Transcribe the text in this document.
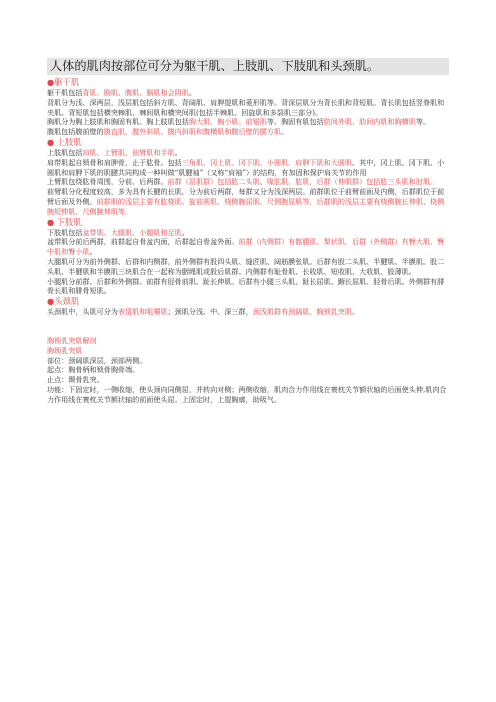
人体的肌肉按部位可分为躯干肌、上肢肌、下肢肌和头颈肌。

●躯干肌

躯干肌包括背肌、胸肌、腹肌、膈肌和会阴肌。

背肌分为浅、深两层，浅层肌包括斜方肌、背阔肌、肩胛提肌和菱形肌等。背深层肌分为背长肌和背短肌。背长肌包括竖脊肌和夹肌。背短肌包括横突棘肌、棘间肌和横突间肌(包括半棘肌、回旋肌和多裂肌三部分)。

胸肌分为胸上肢肌和胸固有肌。胸上肢肌包括胸大肌、胸小肌、前锯肌等。胸固有肌包括肋间外肌、肋间内肌和胸横肌等。

腹肌包括腹前壁的腹直肌、腹外斜肌、腹内斜肌和腹横肌和腹后壁的腰方肌。

● 上肢肌

上肢肌包括肩肌、上臂肌、前臂肌和手肌。

肩带肌起自锁骨和肩胛骨，止于肱骨。包括三角肌、冈上肌、冈下肌、小圆肌、肩胛下肌和大圆肌。其中，冈上肌、冈下肌、小圆肌和肩胛下肌的肌腱共同构成一种叫做“肌腱袖”（又称“肩袖”）的结构，有加固和保护肩关节的作用

上臂肌包绕肱骨周围，分前、后两群。前群（屈肌群）包括肱二头肌、喙肱肌、肱肌，后群（伸肌群）包括肱三头肌和肘肌。

前臂肌分化程度较高，多为具有长腱的长肌，分为前后两群，每群又分为浅深两层。前群肌位于前臂前面及内侧，后群肌位于前臂后面及外侧。前群肌的浅层主要有肱桡肌、旋前圆肌、桡侧腕屈肌、尺侧腕屈肌等，后群肌的浅层主要有桡侧腕长伸肌、桡侧腕短伸肌、尺侧腕伸肌等。

● 下肢肌

下肢肌包括盆带肌、大腿肌、小腿肌和足肌。

盆带肌分前后两群，前群起自骨盆内面，后群起自骨盆外面。前群（内侧群）有髂腰肌、梨状肌，后群（外侧群）有臀大肌、臀中肌和臀小肌。

大腿肌可分为前外侧群、后群和内侧群，前外侧群有股四头肌、缝匠肌、阔筋膜张肌。后群有股二头肌、半腱肌、半膜肌。股二头肌、半腱肌和半膜肌三块肌合在一起称为胭绳肌或股后肌群。内侧群有耻骨肌、长收肌、短收肌、大收肌、股薄肌。

小腿肌分前群、后群和外侧群。前群有胫骨前肌、趾长伸肌。后群有小腿三头肌、趾长屈肌、蹰长屈肌、胫骨后肌。外侧群有腓骨长肌和腓骨短肌。

●头颈肌

头颈肌中，头肌可分为表情肌和咀嚼肌；颈肌分浅、中、深三群，颈浅肌群有颈阔肌、胸锁乳突肌。

胸锁乳突肌解剖

胸锁乳突肌

部位：颈阔肌深层，颈部两侧。

起点：胸骨柄和锁骨胸骨端。

止点：颞骨乳突。

功能：下固定时，一侧收缩，使头颈向同侧屈，并转向对侧；两侧收缩，肌肉合力作用线在寰枕关节额状轴的后面使头伸,肌肉合力作用线在寰枕关节额状轴的前面使头屈。上固定时，上提胸廓，助吸气。
